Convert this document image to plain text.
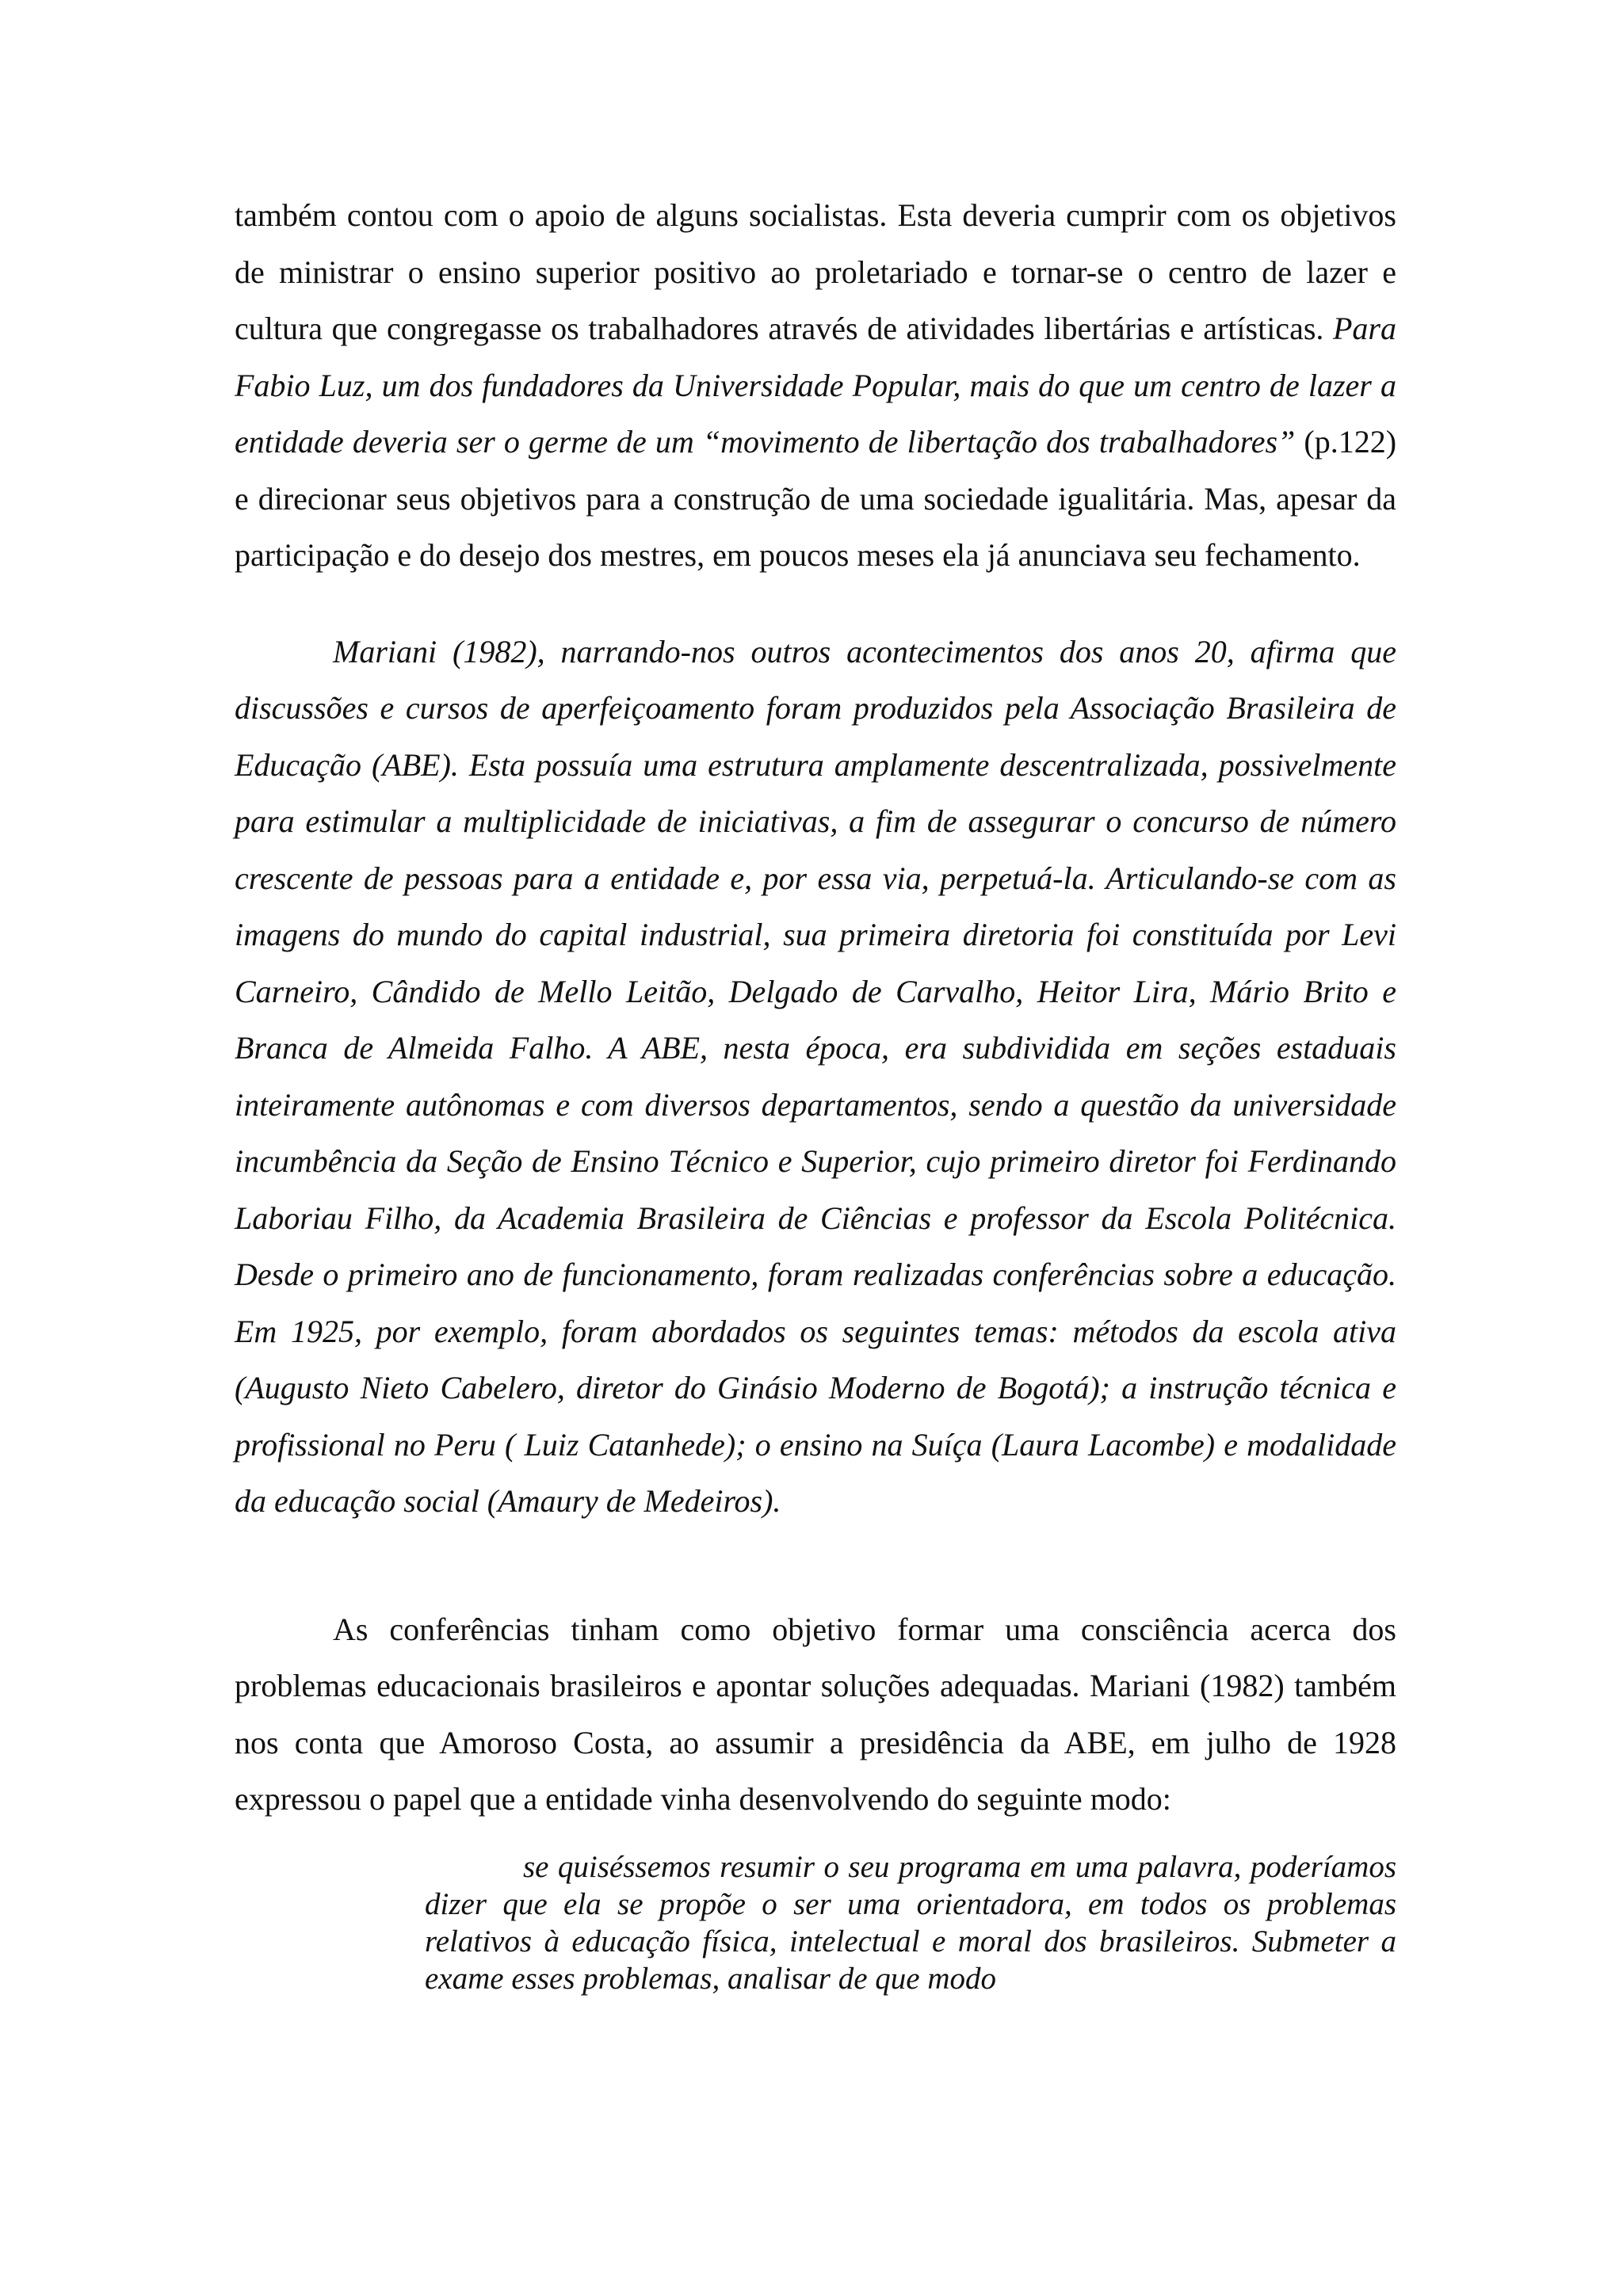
também contou com o apoio de alguns socialistas. Esta deveria cumprir com os objetivos de ministrar o ensino superior positivo ao proletariado e tornar-se o centro de lazer e cultura que congregasse os trabalhadores através de atividades libertárias e artísticas. Para Fabio Luz, um dos fundadores da Universidade Popular, mais do que um centro de lazer a entidade deveria ser o germe de um “movimento de libertação dos trabalhadores” (p.122) e direcionar seus objetivos para a construção de uma sociedade igualitária. Mas, apesar da participação e do desejo dos mestres, em poucos meses ela já anunciava seu fechamento.

Mariani (1982), narrando-nos outros acontecimentos dos anos 20, afirma que discussões e cursos de aperfeiçoamento foram produzidos pela Associação Brasileira de Educação (ABE). Esta possuía uma estrutura amplamente descentralizada, possivelmente para estimular a multiplicidade de iniciativas, a fim de assegurar o concurso de número crescente de pessoas para a entidade e, por essa via, perpetuá-la. Articulando-se com as imagens do mundo do capital industrial, sua primeira diretoria foi constituída por Levi Carneiro, Cândido de Mello Leitão, Delgado de Carvalho, Heitor Lira, Mário Brito e Branca de Almeida Falho. A ABE, nesta época, era subdividida em seções estaduais inteiramente autônomas e com diversos departamentos, sendo a questão da universidade incumbência da Seção de Ensino Técnico e Superior, cujo primeiro diretor foi Ferdinando Laboriau Filho, da Academia Brasileira de Ciências e professor da Escola Politécnica. Desde o primeiro ano de funcionamento, foram realizadas conferências sobre a educação. Em 1925, por exemplo, foram abordados os seguintes temas: métodos da escola ativa (Augusto Nieto Cabelero, diretor do Ginásio Moderno de Bogotá); a instrução técnica e profissional no Peru ( Luiz Catanhede); o ensino na Suíça (Laura Lacombe) e modalidade da educação social (Amaury de Medeiros).

As conferências tinham como objetivo formar uma consciência acerca dos problemas educacionais brasileiros e apontar soluções adequadas. Mariani (1982) também nos conta que Amoroso Costa, ao assumir a presidência da ABE, em julho de 1928 expressou o papel que a entidade vinha desenvolvendo do seguinte modo:

se quiséssemos resumir o seu programa em uma palavra, poderíamos dizer que ela se propõe o ser uma orientadora, em todos os problemas relativos à educação física, intelectual e moral dos brasileiros. Submeter a exame esses problemas, analisar de que modo
